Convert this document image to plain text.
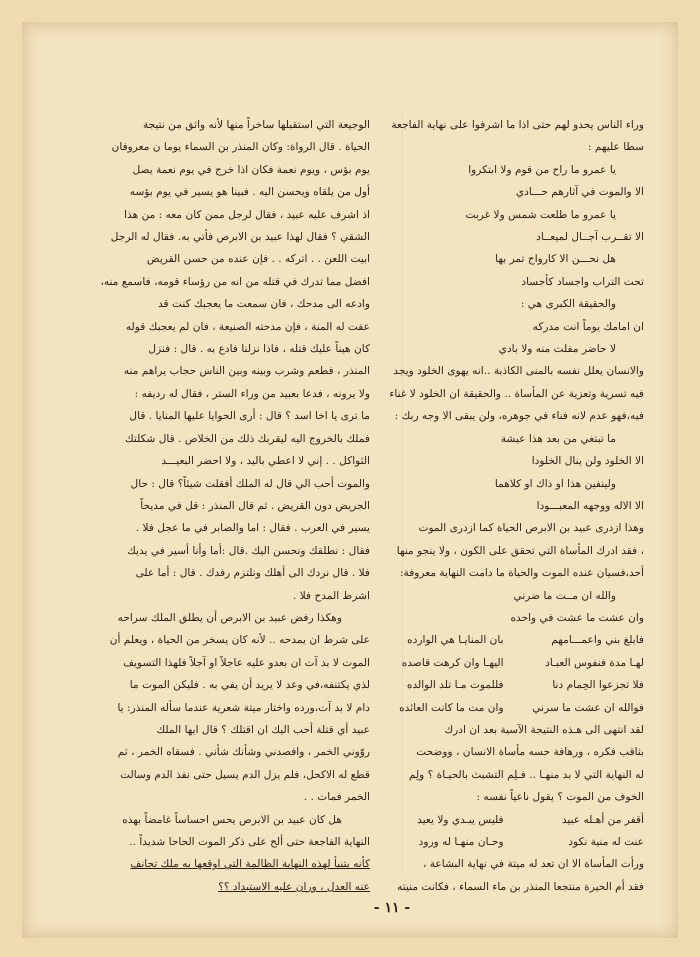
وراء الناس يحدو لهم حتى اذا ما اشرفوا على نهاية الفاجعة
سطا عليهم :
يا عمرو ما راح من قوم ولا ابتكروا
الا والموت في آثارهم حـــادي
يا عمرو ما طلعت شمس ولا غربت
الا تقــرب آجــال لميعــاد
هل نحـــن الا كارواح تمر بها
تحت التراب واجساد كأجساد
والحقيقة الكبرى هي :
ان امامك يوماً انت مدركه
لا حاضر مفلت منه ولا بادي
والانسان يعلل نفسه بالمنى الكاذبة ..انه يهوى الخلود ويجد
فيه تسرية وتعزية عن المأساة .. والحقيقة ان الخلود لا غناء
فيه،فهو عدم لانه فناء في جوهره، ولن يبقى الا وجه ربك :
ما تبتغي من بعد هذا عيشة
الا الخلود ولن ينال الخلودا
ولينفين هذا او ذاك او كلاهما
الا الاله ووجهه المعبـــودا
وهذا ازدرى عبيد بن الابرص الحياة كما ازدرى الموت
، فقد ادرك المأساة التي تحقق على الكون ، ولا ينجو منها
أحد،فسيان عنده الموت والحياة ما دامت النهاية معروفة:
والله ان مــت ما ضرني
وان عشت ما عشت في واحده
فابلغ بني واعمـــامهم
بان المنايـا هي الوارده
لهـا مدة فنفوس العبـاد
اليهـا وان كرهت قاصده
فلا تجزعوا الحِمام دنا
فللموت مـا تلد الوالده
فوالله ان عشت ما سرني
وان مت ما كانت العائده
لقد انتهى الى هـذه النتيجة الآسية بعد ان ادرك
بثاقب فكره ، ورهافة حسه مأساة الانسان ، ووضحت
له النهاية التي لا بد منهـا .. فـلِم التشبث بالحيـاة ؟ ولِم
الخوف من الموت ؟ يقول ناعياً نفسه :
أقفر من أهـله عبيد
فليس يبـدي ولا يعيد
عنت له منية نكود
وحـان منهـا له ورود
ورأت المأساة الا ان تعد له ميتة في نهاية البشاعة ،
فقد أم الحيرة منتجعا المنذر بن ماء السماء ، فكانت منيته
الوجيعة التي استقبلها ساخراً منها لأنه واثق من نتيجة
الحياة . قال الرواة: وكان المنذر بن السماء يوما ن معروفان
يوم بؤس ، ويوم نعمة فكان اذا خرج في يوم نعمة يصل
أول من يلقاه ويحسن اليه . فبينا هو يسير في يوم بؤسه
اذ اشرف عليه عبيد ، فقال لرجل ممن كان معه : من هذا
الشقي ؟ فقال لهذا عبيد بن الابرص فأتي به. فقال له الرجل
ابيت اللعن . . اتركه . . فإن عنده من حسن القريض
افضل مما تدرك في قتله من انه من رؤساء قومه، فاسمع منه،
وادعه الى مدحك ، فان سمعت ما يعجبك كنت قد
عفت له المنة ، فإن مدحته الصنيعة ، فان لم يعجبك قوله
كان هيناً عليك قتله ، فاذا نزلنا فادع به . قال : فنزل
المنذر ، فطعم وشرب وبينه وبين الناس حجاب يراهم منه
ولا يرونه ، فدعا بعبيد من وراء الستر ، فقال له رديفه :
ما ترى يا اخا اسد ؟ قال : أرى الحوايا عليها المنايا . قال
فملك بالخروج اليه ليقربك ذلك من الخلاص . قال شكلتك
الثواكل . . إني لا اعطي باليد ، ولا احضر البعيـــد
والموت أحب الي قال له الملك أفقلت شيئاً؟ قال : حال
الجريض دون القريض . ثم قال المنذر : قل في مديحاً
يسير في العرب . فقال : اما والصابر في ما عجل فلا .
فقال : نطلقك ونحسن اليك .قال :أما وأنا أسير في يديك
فلا . قال نردك الى أهلك ونلتزم رفدك . قال : أما على
اشرط المدح فلا .
وهكذا رفض عبيد بن الابرص أن يطلق الملك سراحه
على شرط ان يمدحه .. لأنه كان يسخر من الحياة ، ويعلم أن
الموت لا بد آت ان بعدو عليه عاجلاً او آجلاً فلهذا التسويف
لذي يكتنفه،في وعد لا يريد أن يفي به . فليكن الموت ما
دام لا بد آت،ورده واختار ميتة شعرية عندما سأله المنذر: يا
عبيد أي قتلة أحب اليك ان اقتلك ؟ قال ايها الملك
روّوني الخمر ، وافصدني وشأنك شأني . فسقاه الخمر ، ثم
قطع له الاكحل، فلم يزل الدم يسيل حتى نفذ الدم وسالت
الخمر فمات . .
هل كان عبيد بن الابرص يحس احساساً غامضاً بهذه
النهاية الفاجعة حتى ألح على ذكر الموت الحاحا شديداً ..
كأنه يتنبأ لهذه النهاية الظالمة التي اوقعها به ملك تجانف
عنه العدل ، وران عليه الاستبداد ؟؟
- ١١ -
